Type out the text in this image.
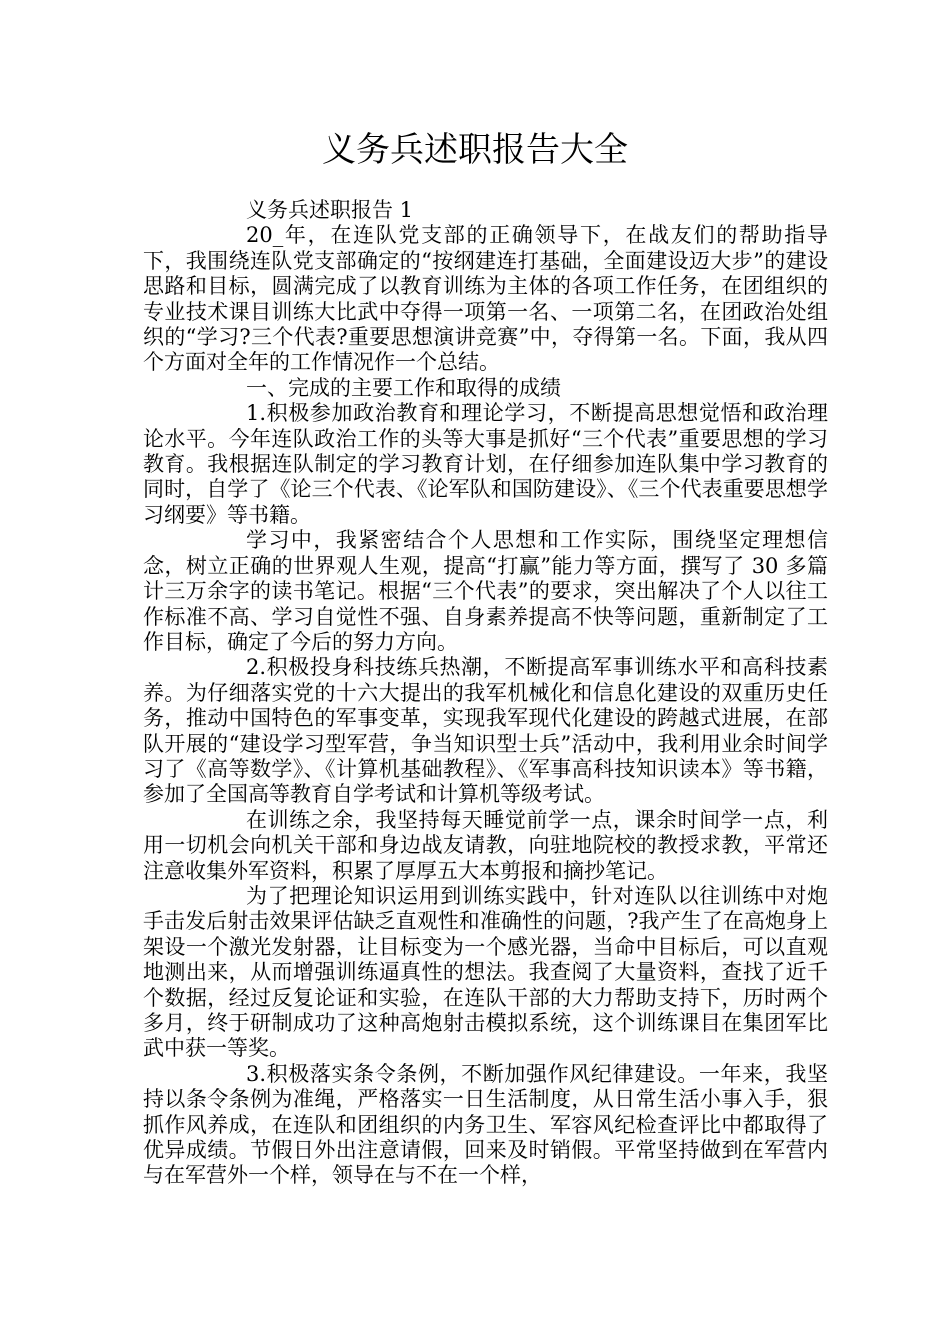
义务兵述职报告大全

义务兵述职报告 1

20_年，在连队党支部的正确领导下，在战友们的帮助指导下，我围绕连队党支部确定的“按纲建连打基础，全面建设迈大步”的建设思路和目标，圆满完成了以教育训练为主体的各项工作任务，在团组织的专业技术课目训练大比武中夺得一项第一名、一项第二名，在团政治处组织的“学习?三个代表?重要思想演讲竞赛”中，夺得第一名。下面，我从四个方面对全年的工作情况作一个总结。

一、完成的主要工作和取得的成绩

1.积极参加政治教育和理论学习，不断提高思想觉悟和政治理论水平。今年连队政治工作的头等大事是抓好“三个代表”重要思想的学习教育。我根据连队制定的学习教育计划，在仔细参加连队集中学习教育的同时，自学了《论三个代表、《论军队和国防建设》、《三个代表重要思想学习纲要》等书籍。

学习中，我紧密结合个人思想和工作实际，围绕坚定理想信念，树立正确的世界观人生观，提高“打赢”能力等方面，撰写了 30 多篇计三万余字的读书笔记。根据“三个代表”的要求，突出解决了个人以往工作标准不高、学习自觉性不强、自身素养提高不快等问题，重新制定了工作目标，确定了今后的努力方向。

2.积极投身科技练兵热潮，不断提高军事训练水平和高科技素养。为仔细落实党的十六大提出的我军机械化和信息化建设的双重历史任务，推动中国特色的军事变革，实现我军现代化建设的跨越式进展，在部队开展的“建设学习型军营，争当知识型士兵”活动中，我利用业余时间学习了《高等数学》、《计算机基础教程》、《军事高科技知识读本》等书籍，参加了全国高等教育自学考试和计算机等级考试。

在训练之余，我坚持每天睡觉前学一点，课余时间学一点，利用一切机会向机关干部和身边战友请教，向驻地院校的教授求教，平常还注意收集外军资料，积累了厚厚五大本剪报和摘抄笔记。

为了把理论知识运用到训练实践中，针对连队以往训练中对炮手击发后射击效果评估缺乏直观性和准确性的问题，?我产生了在高炮身上架设一个激光发射器，让目标变为一个感光器，当命中目标后，可以直观地测出来，从而增强训练逼真性的想法。我查阅了大量资料，查找了近千个数据，经过反复论证和实验，在连队干部的大力帮助支持下，历时两个多月，终于研制成功了这种高炮射击模拟系统，这个训练课目在集团军比武中获一等奖。

3.积极落实条令条例，不断加强作风纪律建设。一年来，我坚持以条令条例为准绳，严格落实一日生活制度，从日常生活小事入手，狠抓作风养成，在连队和团组织的内务卫生、军容风纪检查评比中都取得了优异成绩。节假日外出注意请假，回来及时销假。平常坚持做到在军营内与在军营外一个样，领导在与不在一个样，
